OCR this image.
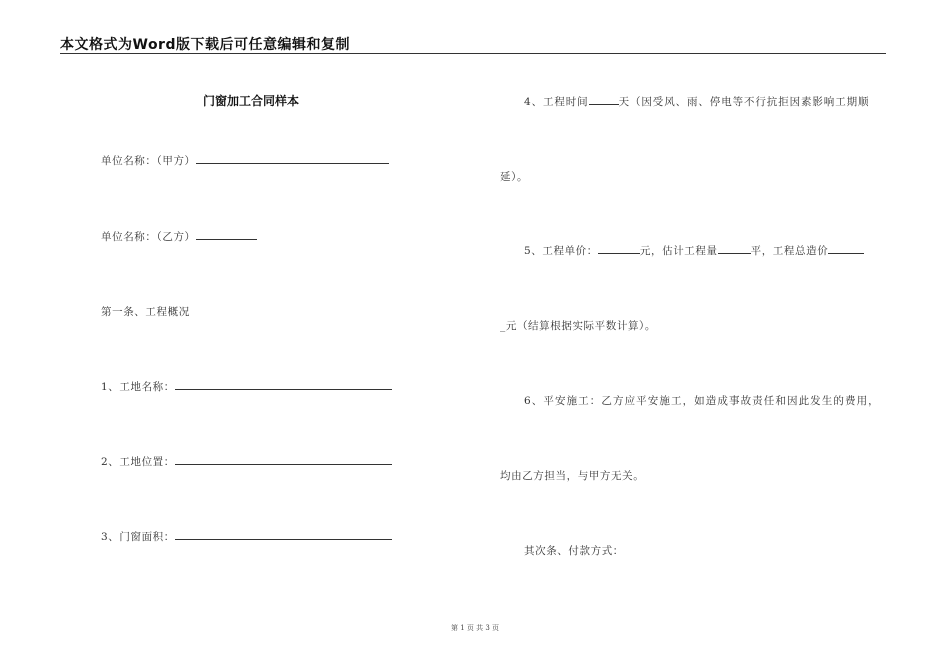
本文格式为Word版下载后可任意编辑和复制
门窗加工合同样本
单位名称：（甲方）
单位名称：（乙方）
第一条、工程概况
1、工地名称：
2、工地位置：
3、门窗面积：
4、工程时间	天（因受风、雨、停电等不行抗拒因素影响工期顺
延）。
5、工程单价：	元，估计工程量	平，工程总造价
_元（结算根据实际平数计算）。
6、平安施工：乙方应平安施工，如造成事故责任和因此发生的费用，
均由乙方担当，与甲方无关。
其次条、付款方式：
第 1 页 共 3 页
